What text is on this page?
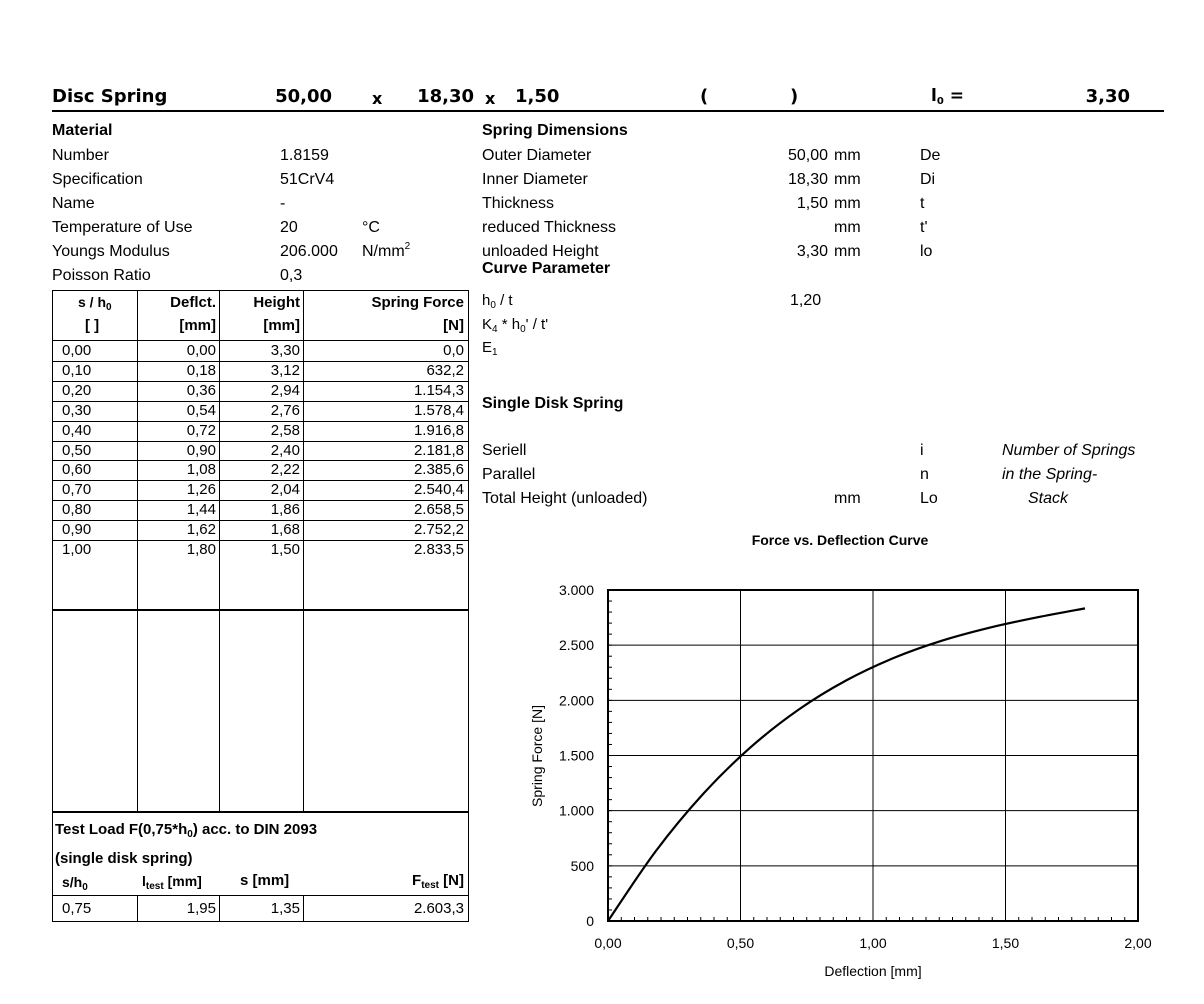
Disc Spring	50,00	x	18,30 x 1,50	(	)	$l_0$ =	3,30
Material
Number	1.8159
Specification	51CrV4
Name	-
Temperature of Use	20	°C
Youngs Modulus	206.000 $N/mm^2$
Poisson Ratio	0,3
Spring Dimensions
Outer Diameter	50,00 mm	De
Inner Diameter	18,30 mm	Di
Thickness	1,50 mm	t
reduced Thickness	mm	t'
unloaded Height	3,30 mm	lo
Curve Parameter
$h_0$ / t	1,20
$K_4 * h_0'$ / t'
$E_1$
Single Disk Spring
Seriell	i	Number of Springs
Parallel	n	in the Spring-
Total Height (unloaded)	mm	Lo	Stack
s / $h_0$	Deflct.	Height	Spring Force
[ ]	[mm]	[mm]	[N]
0,00	0,00	3,30	0,0
0,10	0,18	3,12	632,2
0,20	0,36	2,94	1.154,3
0,30	0,54	2,76	1.578,4
0,40	0,72	2,58	1.916,8
0,50	0,90	2,40	2.181,8
0,60	1,08	2,22	2.385,6
0,70	1,26	2,04	2.540,4
0,80	1,44	1,86	2.658,5
0,90	1,62	1,68	2.752,2
1,00	1,80	1,50	2.833,5
Test Load $F(0,75*h_0)$ acc. to DIN 2093
(single disk spring)
$s/h_0$	$l_{test}$ [mm]	s [mm]	$F_{test}$ [N]
0,75	1,95	1,35	2.603,3
Force vs. Deflection Curve
0,00	0,50	1,00	1,50	2,00
0
500
1.000
1.500
2.000
2.500
3.000
Deflection [mm]
Spring Force [N]
